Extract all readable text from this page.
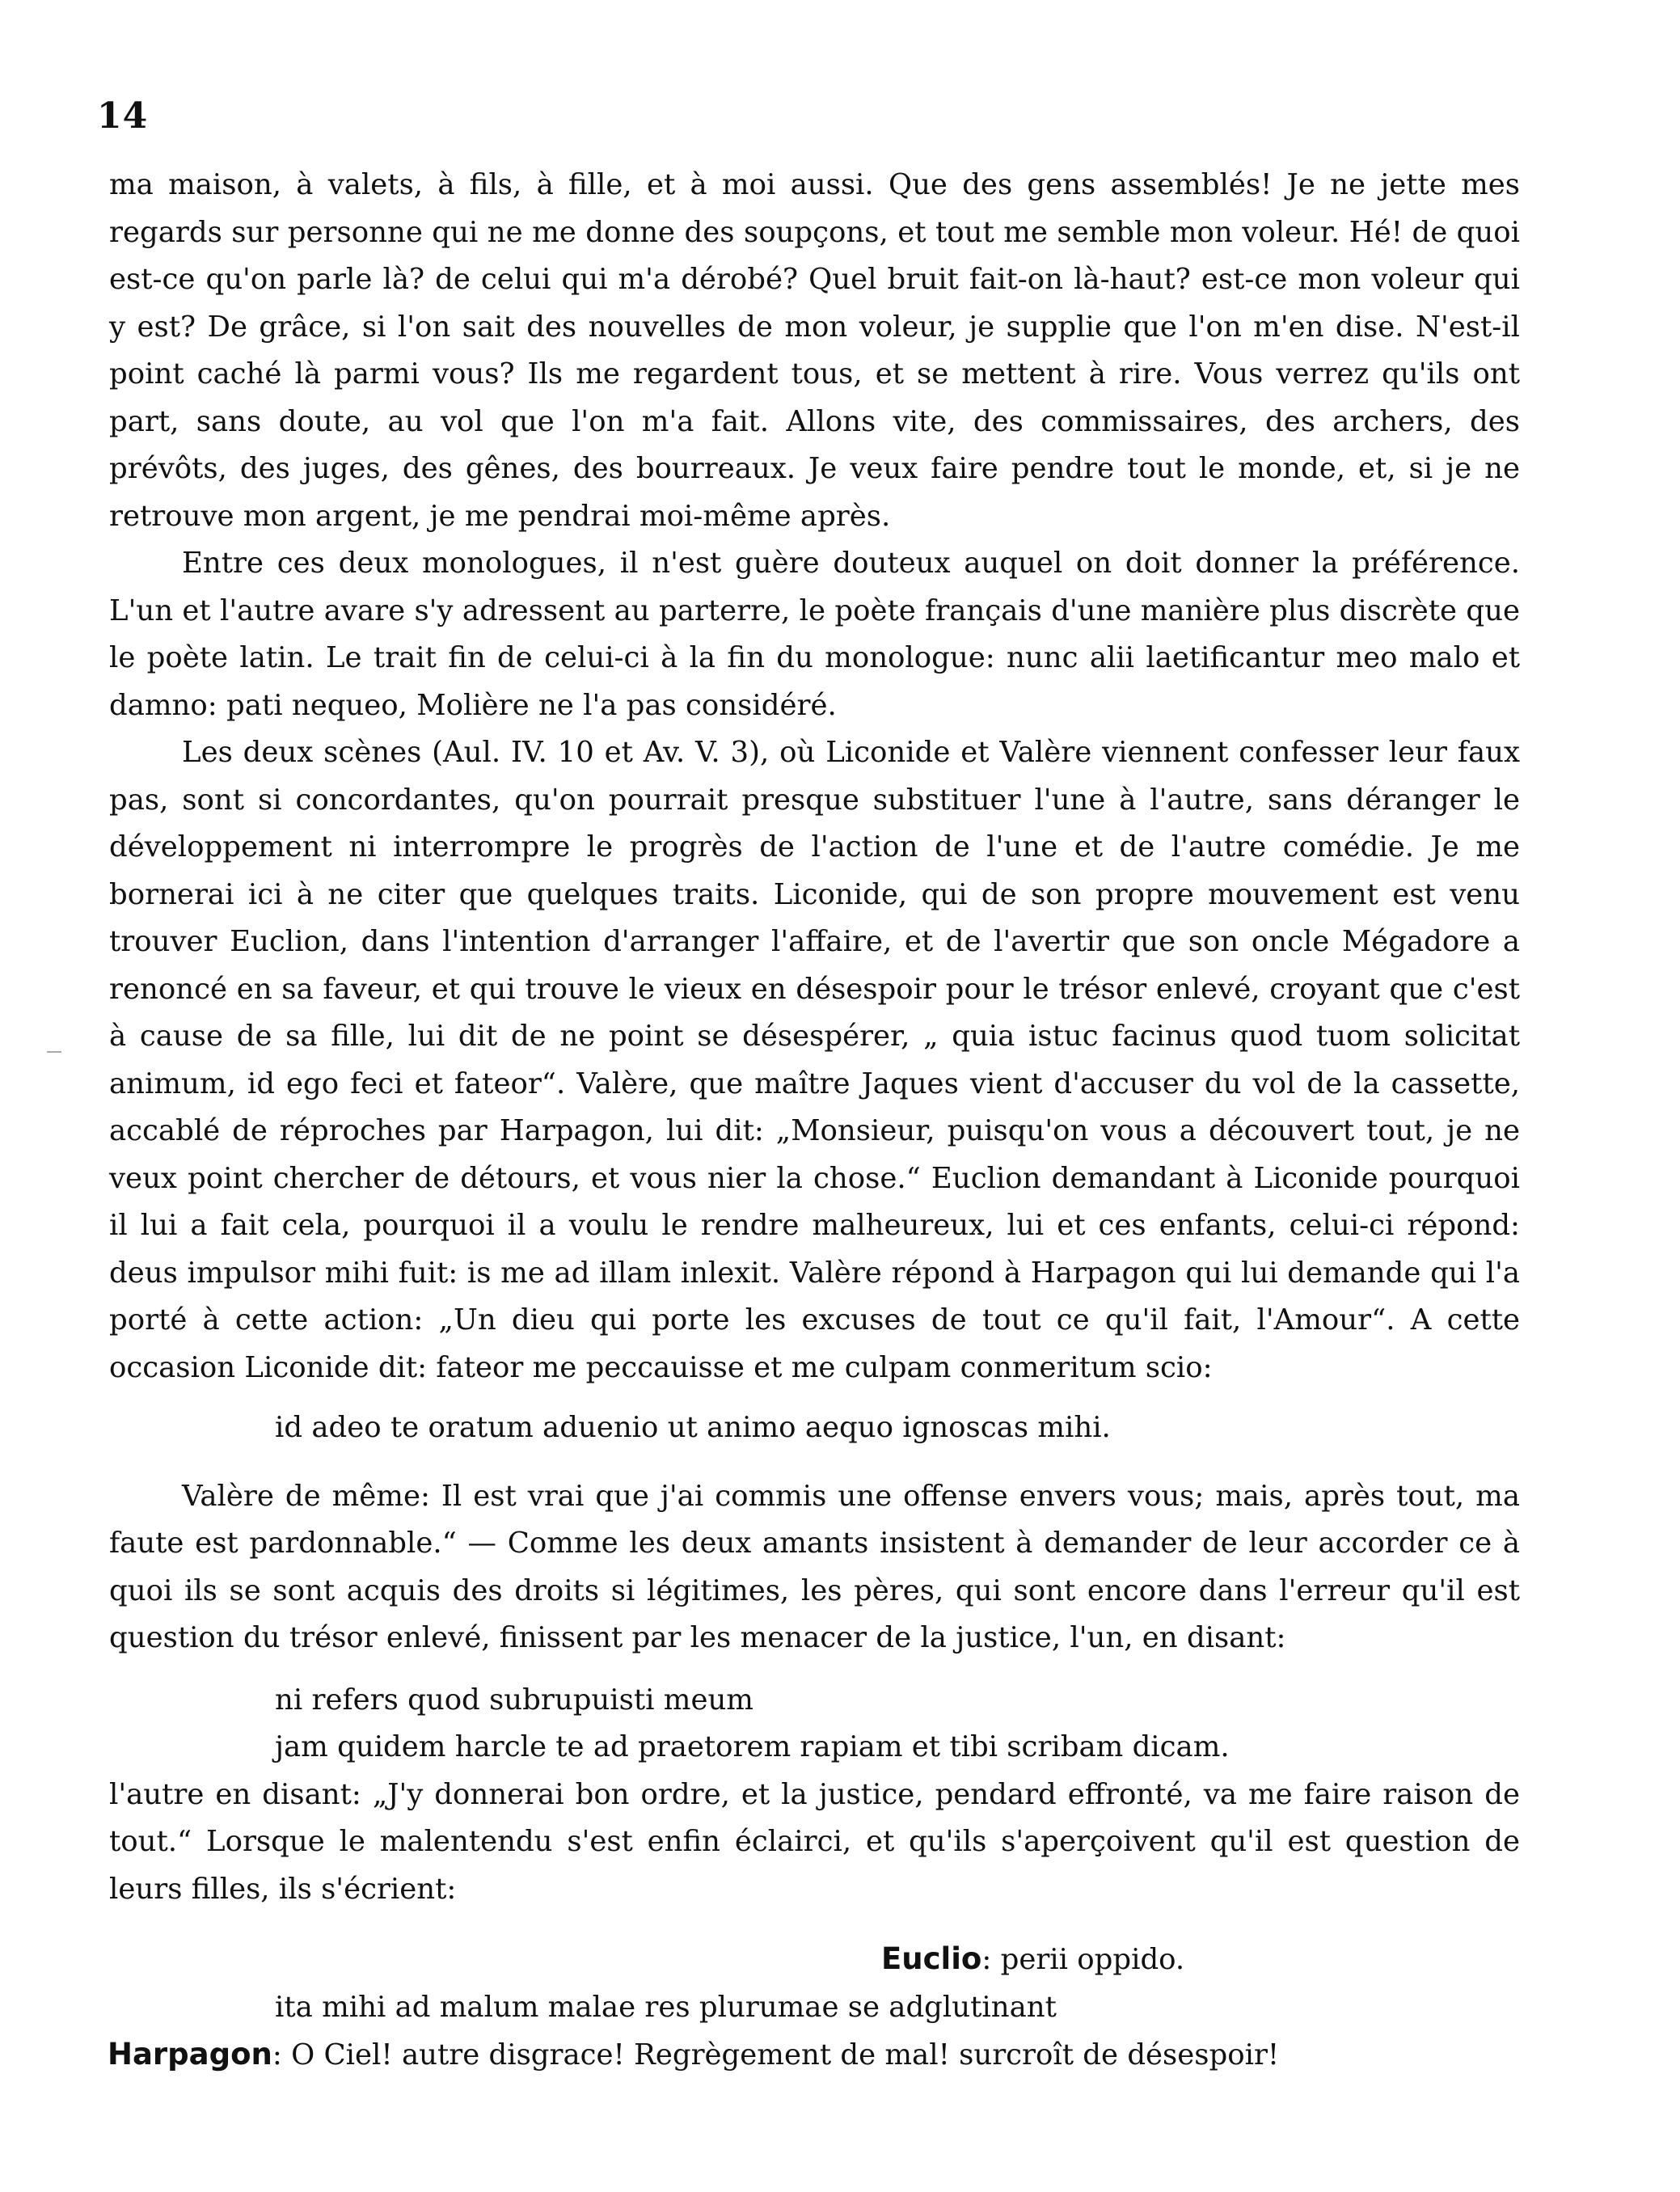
14

ma maison, à valets, à fils, à fille, et à moi aussi. Que des gens assemblés! Je ne jette mes regards sur personne qui ne me donne des soupçons, et tout me semble mon voleur. Hé! de quoi est-ce qu'on parle là? de celui qui m'a dérobé? Quel bruit fait-on là-haut? est-ce mon voleur qui y est? De grâce, si l'on sait des nouvelles de mon voleur, je supplie que l'on m'en dise. N'est-il point caché là parmi vous? Ils me regardent tous, et se mettent à rire. Vous verrez qu'ils ont part, sans doute, au vol que l'on m'a fait. Allons vite, des commissaires, des archers, des prévôts, des juges, des gênes, des bourreaux. Je veux faire pendre tout le monde, et, si je ne retrouve mon argent, je me pendrai moi-même après.

Entre ces deux monologues, il n'est guère douteux auquel on doit donner la préférence. L'un et l'autre avare s'y adressent au parterre, le poète français d'une manière plus discrète que le poète latin. Le trait fin de celui-ci à la fin du monologue: nunc alii laetificantur meo malo et damno: pati nequeo, Molière ne l'a pas considéré.

Les deux scènes (Aul. IV. 10 et Av. V. 3), où Liconide et Valère viennent confesser leur faux pas, sont si concordantes, qu'on pourrait presque substituer l'une à l'autre, sans déranger le développement ni interrompre le progrès de l'action de l'une et de l'autre comédie. Je me bornerai ici à ne citer que quelques traits. Liconide, qui de son propre mouvement est venu trouver Euclion, dans l'intention d'arranger l'affaire, et de l'avertir que son oncle Mégadore a renoncé en sa faveur, et qui trouve le vieux en désespoir pour le trésor enlevé, croyant que c'est à cause de sa fille, lui dit de ne point se désespérer, „ quia istuc facinus quod tuom solicitat animum, id ego feci et fateor“. Valère, que maître Jaques vient d'accuser du vol de la cassette, accablé de réproches par Harpagon, lui dit: „Monsieur, puisqu'on vous a découvert tout, je ne veux point chercher de détours, et vous nier la chose.“ Euclion demandant à Liconide pourquoi il lui a fait cela, pourquoi il a voulu le rendre malheureux, lui et ces enfants, celui-ci répond: deus impulsor mihi fuit: is me ad illam inlexit. Valère répond à Harpagon qui lui demande qui l'a porté à cette action: „Un dieu qui porte les excuses de tout ce qu'il fait, l'Amour“. A cette occasion Liconide dit: fateor me peccauisse et me culpam conmeritum scio:

id adeo te oratum aduenio ut animo aequo ignoscas mihi.

Valère de même: Il est vrai que j'ai commis une offense envers vous; mais, après tout, ma faute est pardonnable.“ — Comme les deux amants insistent à demander de leur accorder ce à quoi ils se sont acquis des droits si légitimes, les pères, qui sont encore dans l'erreur qu'il est question du trésor enlevé, finissent par les menacer de la justice, l'un, en disant:

ni refers quod subrupuisti meum

jam quidem harcle te ad praetorem rapiam et tibi scribam dicam.

l'autre en disant: „J'y donnerai bon ordre, et la justice, pendard effronté, va me faire raison de tout.“ Lorsque le malentendu s'est enfin éclairci, et qu'ils s'aperçoivent qu'il est question de leurs filles, ils s'écrient:

Euclio: perii oppido.

ita mihi ad malum malae res plurumae se adglutinant

Harpagon: O Ciel! autre disgrace! Regrègement de mal! surcroît de désespoir!
